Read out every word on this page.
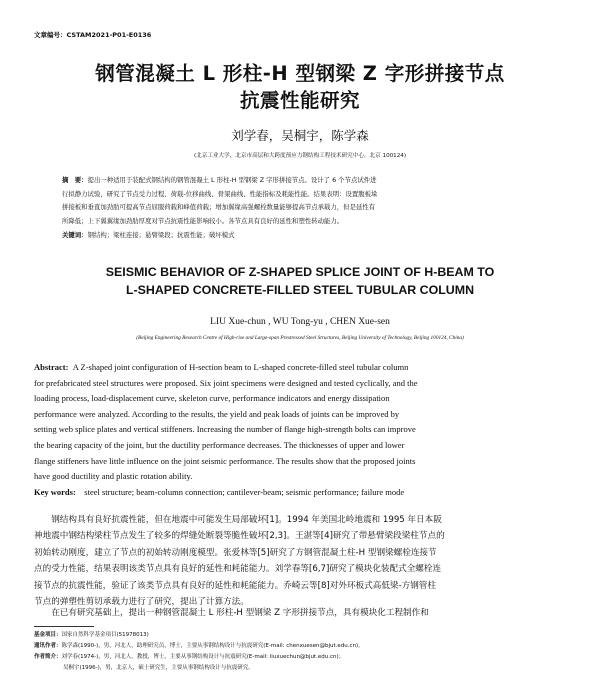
文章编号：CSTAM2021-P01-E0136
钢管混凝土 L 形柱-H 型钢梁 Z 字形拼接节点
抗震性能研究
刘学春，吴桐宇，陈学森
(北京工业大学，北京市高层和大跨度预应力钢结构工程技术研究中心，北京 100124)
摘　要：提出一种适用于装配式钢结构的钢管混凝土 L 形柱-H 型钢梁 Z 字形拼接节点。设计了 6 个节点试件进
行拟静力试验，研究了节点受力过程、荷载-位移曲线、骨架曲线、性能指标及耗能性能。结果表明：设置腹板垛
拼接板和垂直加劲肋可提高节点屈服荷载和峰值荷载；增加翼缘高强螺栓数量能够提高节点承载力，但是延性有
所降低；上下翼翼缘加劲肋厚度对节点抗震性能影响较小。各节点具有良好的延性和塑性转动能力。
关键词：钢结构；梁柱连接；悬臂梁段；抗震性能；破坏模式
SEISMIC BEHAVIOR OF Z-SHAPED SPLICE JOINT OF H-BEAM TO
L-SHAPED CONCRETE-FILLED STEEL TUBULAR COLUMN
LIU Xue-chun , WU Tong-yu , CHEN Xue-sen
(Beijing Engineering Research Centre of High-rise and Large-span Prestressed Steel Structures, Beijing University of Technology, Beijing 100124, China)
Abstract: A Z-shaped joint configuration of H-section beam to L-shaped concrete-filled steel tubular column
for prefabricated steel structures were proposed. Six joint specimens were designed and tested cyclically, and the
loading process, load-displacement curve, skeleton curve, performance indicators and energy dissipation
performance were analyzed. According to the results, the yield and peak loads of joints can be improved by
setting web splice plates and vertical stiffeners. Increasing the number of flange high-strength bolts can improve
the bearing capacity of the joint, but the ductility performance decreases. The thicknesses of upper and lower
flange stiffeners have little influence on the joint seismic performance. The results show that the proposed joints
have good ductility and plastic rotation ability.
Key words: steel structure; beam-column connection; cantilever-beam; seismic performance; failure mode
　　钢结构具有良好抗震性能，但在地震中可能发生局部破坏[1]。1994 年美国北岭地震和 1995 年日本阪
神地震中钢结构梁柱节点发生了较多的焊缝处断裂等脆性破坏[2,3]。王湛等[4]研究了带悬臂梁段梁柱节点的
初始转动刚度，建立了节点的初始转动刚度模型。张爱林等[5]研究了方钢管混凝土柱-H 型钢梁螺栓连接节
点的受力性能，结果表明该类节点具有良好的延性和耗能能力。刘学春等[6,7]研究了模块化装配式全螺栓连
接节点的抗震性能，验证了该类节点具有良好的延性和耗能能力。乔崎云等[8]对外环板式高低梁-方钢管柱
节点的弹塑性剪切承载力进行了研究，提出了计算方法。
　　在已有研究基础上，提出一种钢管混凝土 L 形柱-H 型钢梁 Z 字形拼接节点，具有模块化工程制作和
基金项目：国家自然科学基金项目(51978013)
通讯作者：陈学森(1990-)，男，河北人，助理研究员，博士，主要从事钢结构设计与抗震研究(E-mail: chenxuesen@bjut.edu.cn)。
作者简介：刘学春(1974-)，男，河北人，教授，博士，主要从事钢结构设计与抗震研究(E-mail: liuxuechun@bjut.edu.cn)；
吴桐宇(1996-)，男，北京人，硕士研究生，主要从事钢结构设计与抗震研究。
